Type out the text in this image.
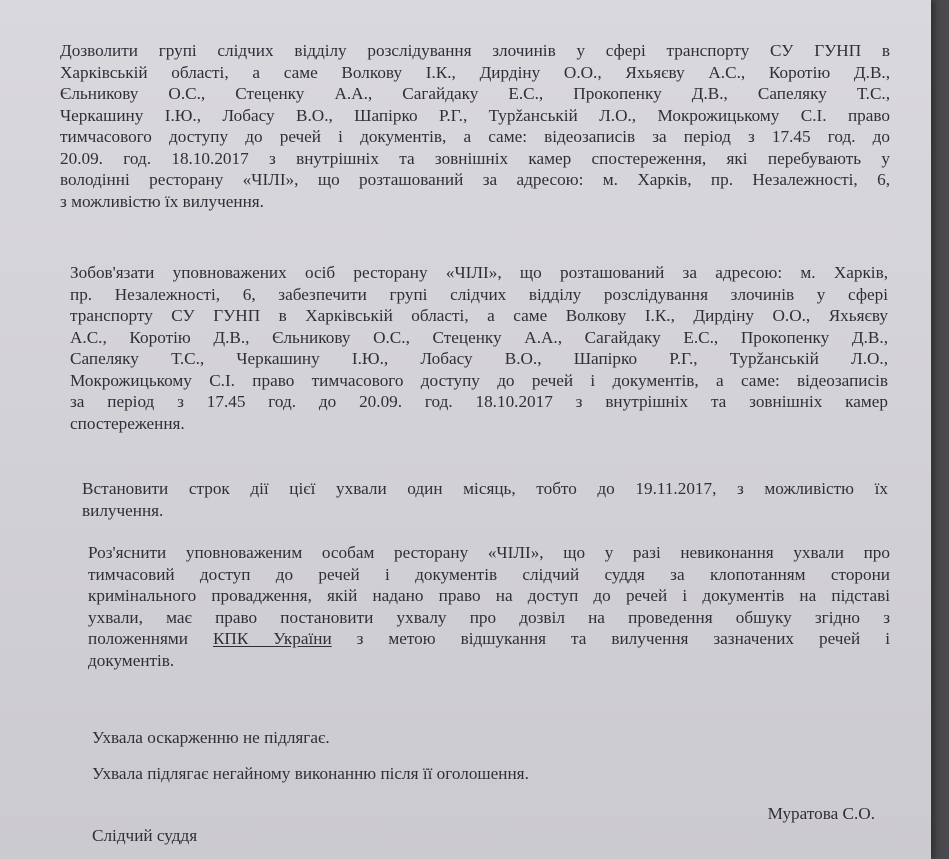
Дозволити групі слідчих відділу розслідування злочинів у сфері транспорту СУ ГУНП в
Харківській області, а саме Волкову І.К., Дирдіну О.О., Яхьяєву А.С., Коротію Д.В.,
Єльникову О.С., Стеценку А.А., Сагайдаку Е.С., Прокопенку Д.В., Сапеляку Т.С.,
Черкашину І.Ю., Лобасу В.О., Шапірко Р.Г., Турžанській Л.О., Мокрожицькому С.І. право
тимчасового доступу до речей і документів, а саме: відеозаписів за період з 17.45 год. до
20.09. год. 18.10.2017 з внутрішніх та зовнішніх камер спостереження, які перебувають у
володінні ресторану «ЧІЛІ», що розташований за адресою: м. Харків, пр. Незалежності, 6,
з можливістю їх вилучення.
Зобов'язати уповноважених осіб ресторану «ЧІЛІ», що розташований за адресою: м. Харків,
пр. Незалежності, 6, забезпечити групі слідчих відділу розслідування злочинів у сфері
транспорту СУ ГУНП в Харківській області, а саме Волкову І.К., Дирдіну О.О., Яхьяєву
А.С., Коротію Д.В., Єльникову О.С., Стеценку А.А., Сагайдаку Е.С., Прокопенку Д.В.,
Сапеляку Т.С., Черкашину І.Ю., Лобасу В.О., Шапірко Р.Г., Турžанській Л.О.,
Мокрожицькому С.І. право тимчасового доступу до речей і документів, а саме: відеозаписів
за період з 17.45 год. до 20.09. год. 18.10.2017 з внутрішніх та зовнішніх камер
спостереження.
Встановити строк дії цієї ухвали один місяць, тобто до 19.11.2017, з можливістю їх
вилучення.
Роз'яснити уповноваженим особам ресторану «ЧІЛІ», що у разі невиконання ухвали про
тимчасовий доступ до речей і документів слідчий суддя за клопотанням сторони
кримінального провадження, якій надано право на доступ до речей і документів на підставі
ухвали, має право постановити ухвалу про дозвіл на проведення обшуку згідно з
положеннями КПК України з метою відшукання та вилучення зазначених речей і
документів.

Ухвала оскарженню не підлягає.

Ухвала підлягає негайному виконанню після її оголошення.

Муратова С.О.

Слідчий суддя
